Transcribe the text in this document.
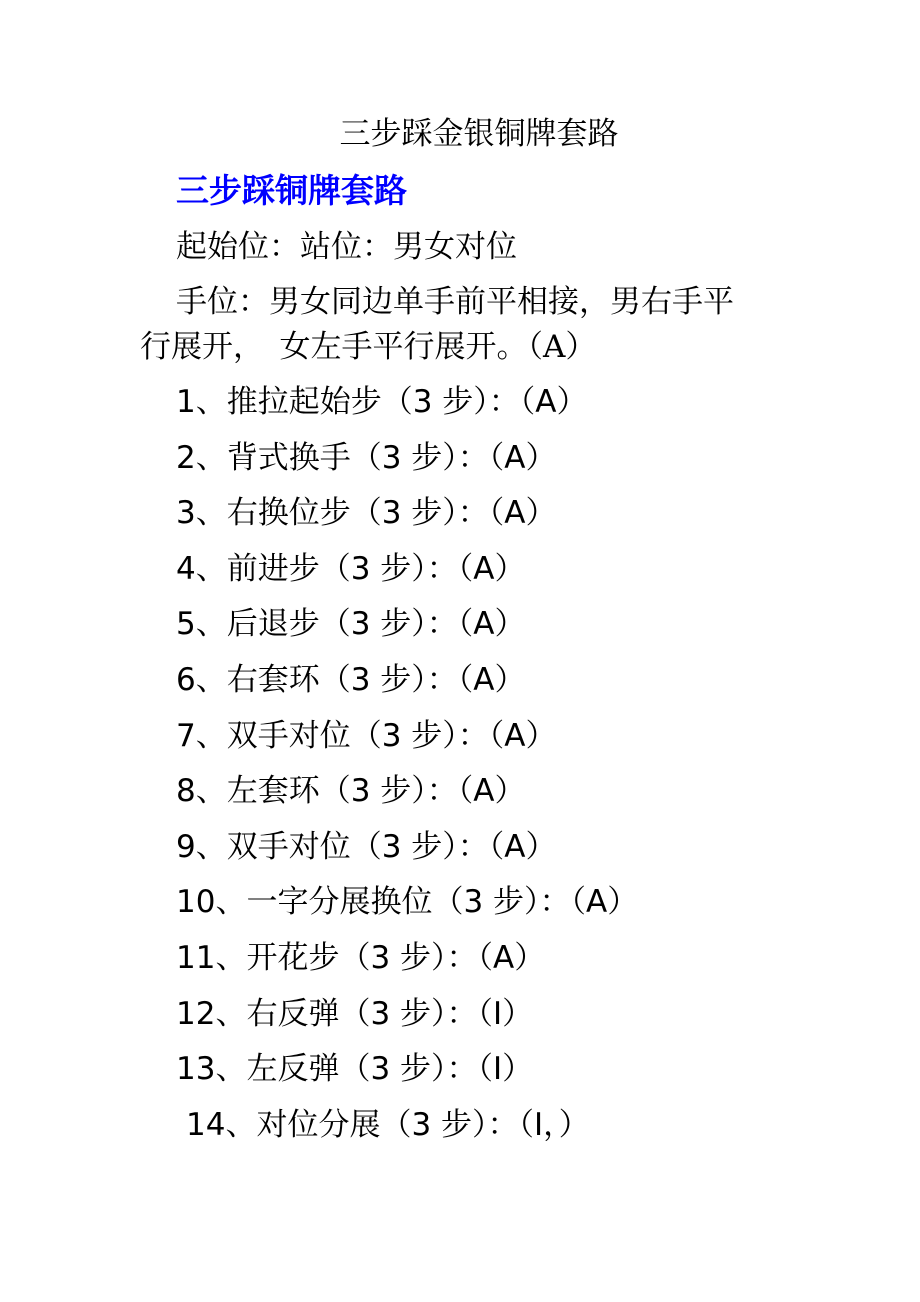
三步踩金银铜牌套路
三步踩铜牌套路
起始位：站位：男女对位
手位：男女同边单手前平相接，男右手平
行展开，　女左手平行展开。（A）
1、推拉起始步（3 步）：（A）
2、背式换手（3 步）：（A）
3、右换位步（3 步）：（A）
4、前进步（3 步）：（A）
5、后退步（3 步）：（A）
6、右套环（3 步）：（A）
7、双手对位（3 步）：（A）
8、左套环（3 步）：（A）
9、双手对位（3 步）：（A）
10、一字分展换位（3 步）：（A）
11、开花步（3 步）：（A）
12、右反弹（3 步）：（I）
13、左反弹（3 步）：（I）
14、对位分展（3 步）：（I，）
